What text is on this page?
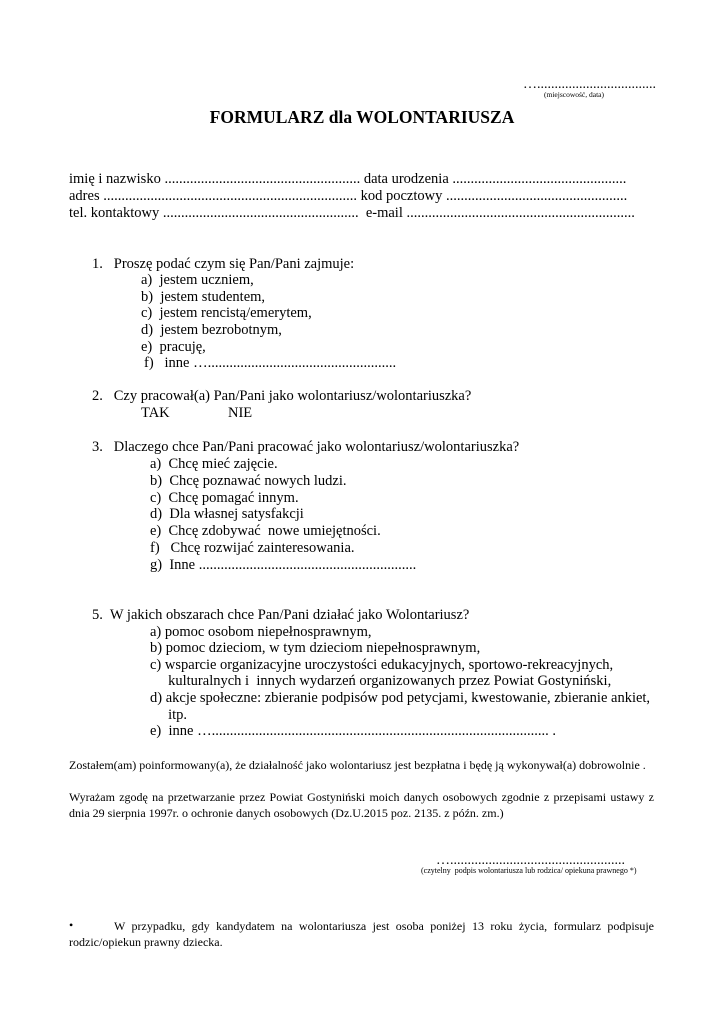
…..................................
(miejscowość, data)
FORMULARZ dla WOLONTARIUSZA
imię i nazwisko ...................................................... data urodzenia ................................................
adres ...................................................................... kod pocztowy ..................................................
tel. kontaktowy ......................................................  e-mail ...............................................................
1.   Proszę podać czym się Pan/Pani zajmuje:
a)  jestem uczniem,
b)  jestem studentem,
c)  jestem rencistą/emerytem,
d)  jestem bezrobotnym,
e)  pracuję,
f)   inne …....................................................
2.   Czy pracował(a) Pan/Pani jako wolontariusz/wolontariuszka?
TAK	NIE
3.   Dlaczego chce Pan/Pani pracować jako wolontariusz/wolontariuszka?
a)  Chcę mieć zajęcie.
b)  Chcę poznawać nowych ludzi.
c)  Chcę pomagać innym.
d)  Dla własnej satysfakcji
e)  Chcę zdobywać  nowe umiejętności.
f)   Chcę rozwijać zainteresowania.
g)  Inne ............................................................
5.  W jakich obszarach chce Pan/Pani działać jako Wolontariusz?
a) pomoc osobom niepełnosprawnym,
b) pomoc dzieciom, w tym dzieciom niepełnosprawnym,
c) wsparcie organizacyjne uroczystości edukacyjnych, sportowo-rekreacyjnych,
kulturalnych i  innych wydarzeń organizowanych przez Powiat Gostyniński,
d) akcje społeczne: zbieranie podpisów pod petycjami, kwestowanie, zbieranie ankiet,
itp.
e)  inne …............................................................................................. .
Zostałem(am) poinformowany(a), że działalność jako wolontariusz jest bezpłatna i będę ją wykonywał(a) dobrowolnie .
Wyrażam zgodę na przetwarzanie przez Powiat Gostyniński moich danych osobowych zgodnie z przepisami ustawy z dnia 29 sierpnia 1997r. o ochronie danych osobowych (Dz.U.2015 poz. 2135. z późn. zm.)
…..................................................
(czytelny  podpis wolontariusza lub rodzica/ opiekuna prawnego *)
•	W przypadku, gdy kandydatem na wolontariusza jest osoba poniżej 13 roku życia, formularz podpisuje rodzic/opiekun prawny dziecka.
